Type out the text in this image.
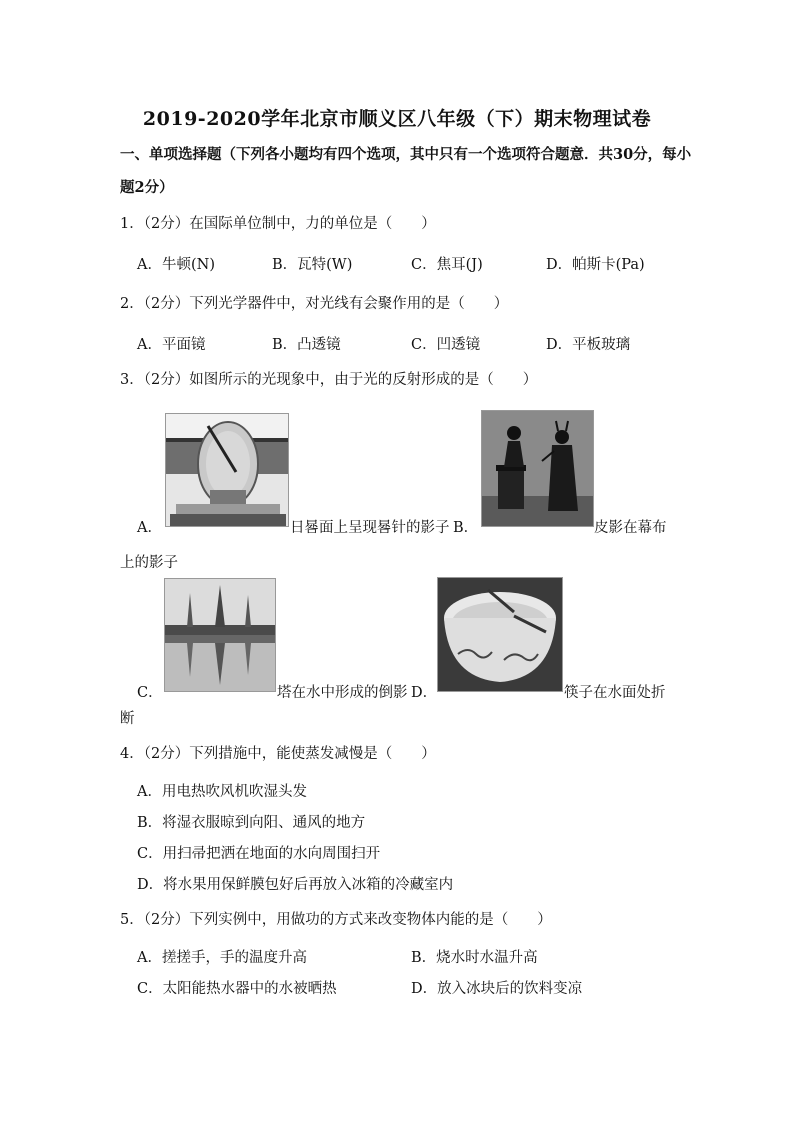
2019-2020学年北京市顺义区八年级（下）期末物理试卷
一、单项选择题（下列各小题均有四个选项，其中只有一个选项符合题意．共30分，每小
题2分）
1．（2分）在国际单位制中，力的单位是（　　）
A．牛顿(N)	B．瓦特(W)	C．焦耳(J)	D．帕斯卡(Pa)
2．（2分）下列光学器件中，对光线有会聚作用的是（　　）
A．平面镜	B．凸透镜	C．凹透镜	D．平板玻璃
3．（2分）如图所示的光现象中，由于光的反射形成的是（　　）
A．	日晷面上呈现晷针的影子 B．	皮影在幕布
上的影子
C．	塔在水中形成的倒影 D．	筷子在水面处折
断
4．（2分）下列措施中，能使蒸发减慢是（　　）
A．用电热吹风机吹湿头发
B．将湿衣服晾到向阳、通风的地方
C．用扫帚把洒在地面的水向周围扫开
D．将水果用保鲜膜包好后再放入冰箱的冷藏室内
5．（2分）下列实例中，用做功的方式来改变物体内能的是（　　）
A．搓搓手，手的温度升高	B．烧水时水温升高
C．太阳能热水器中的水被晒热	D．放入冰块后的饮料变凉
